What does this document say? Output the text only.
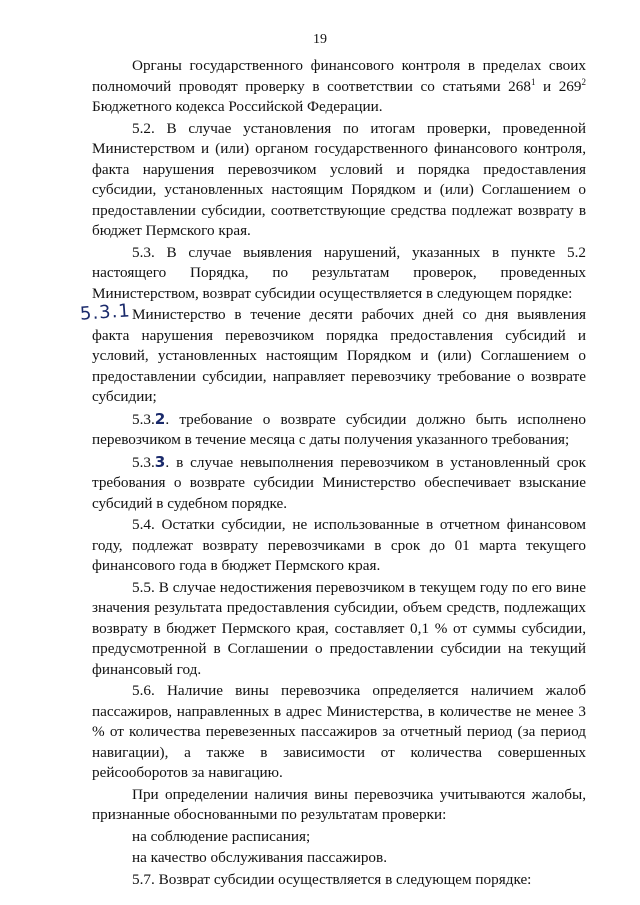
19

Органы государственного финансового контроля в пределах своих полномочий проводят проверку в соответствии со статьями $268^1$ и $269^2$ Бюджетного кодекса Российской Федерации.

5.2. В случае установления по итогам проверки, проведенной Министерством и (или) органом государственного финансового контроля, факта нарушения перевозчиком условий и порядка предоставления субсидии, установленных настоящим Порядком и (или) Соглашением о предоставлении субсидии, соответствующие средства подлежат возврату в бюджет Пермского края.

5.3. В случае выявления нарушений, указанных в пункте 5.2 настоящего Порядка, по результатам проверок, проведенных Министерством, возврат субсидии осуществляется в следующем порядке:

5.3.1 Министерство в течение десяти рабочих дней со дня выявления факта нарушения перевозчиком порядка предоставления субсидий и условий, установленных настоящим Порядком и (или) Соглашением о предоставлении субсидии, направляет перевозчику требование о возврате субсидии;

5.3.2. требование о возврате субсидии должно быть исполнено перевозчиком в течение месяца с даты получения указанного требования;

5.3.3. в случае невыполнения перевозчиком в установленный срок требования о возврате субсидии Министерство обеспечивает взыскание субсидий в судебном порядке.

5.4. Остатки субсидии, не использованные в отчетном финансовом году, подлежат возврату перевозчиками в срок до 01 марта текущего финансового года в бюджет Пермского края.

5.5. В случае недостижения перевозчиком в текущем году по его вине значения результата предоставления субсидии, объем средств, подлежащих возврату в бюджет Пермского края, составляет 0,1 % от суммы субсидии, предусмотренной в Соглашении о предоставлении субсидии на текущий финансовый год.

5.6. Наличие вины перевозчика определяется наличием жалоб пассажиров, направленных в адрес Министерства, в количестве не менее 3 % от количества перевезенных пассажиров за отчетный период (за период навигации), а также в зависимости от количества совершенных рейсооборотов за навигацию.

При определении наличия вины перевозчика учитываются жалобы, признанные обоснованными по результатам проверки:

на соблюдение расписания;

на качество обслуживания пассажиров.

5.7. Возврат субсидии осуществляется в следующем порядке:
